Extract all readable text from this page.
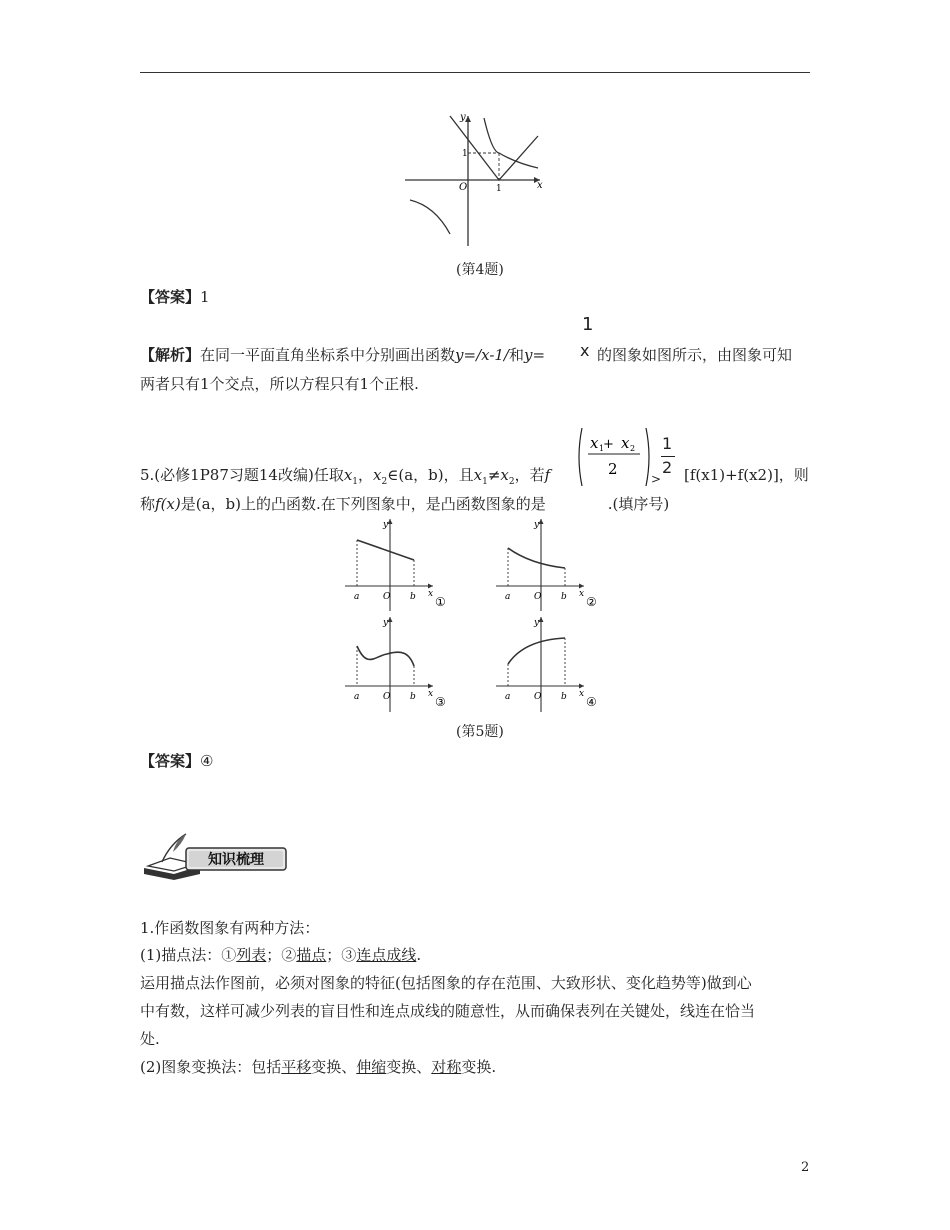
y
x
O
1
1
(第4题)
【答案】1
1
x
【解析】在同一平面直角坐标系中分别画出函数y=/x-1/和y=	的图象如图所示，由图象可知
两者只有1个交点，所以方程只有1个正根.
5.(必修1P87习题14改编)任取$x_1$，$x_2\in(a$，b)，且$x_1\ne x_2$，若f
x 1
+ x 2
2
>
1
2 [f(x1)+f(x2)]，则
称f(x)是(a，b)上的凸函数.在下列图象中，是凸函数图象的是	.(填序号)
y
a	O b x
①
y
a	O b x
②
y
a	O b x
③
y
a	O b x
④
(第5题)
【答案】④
知识梳理
1.作函数图象有两种方法：
(1)描点法：①列表；②描点；③连点成线.
运用描点法作图前，必须对图象的特征(包括图象的存在范围、大致形状、变化趋势等)做到心
中有数，这样可减少列表的盲目性和连点成线的随意性，从而确保表列在关键处，线连在恰当
处.
(2)图象变换法：包括平移变换、伸缩变换、对称变换.
2
